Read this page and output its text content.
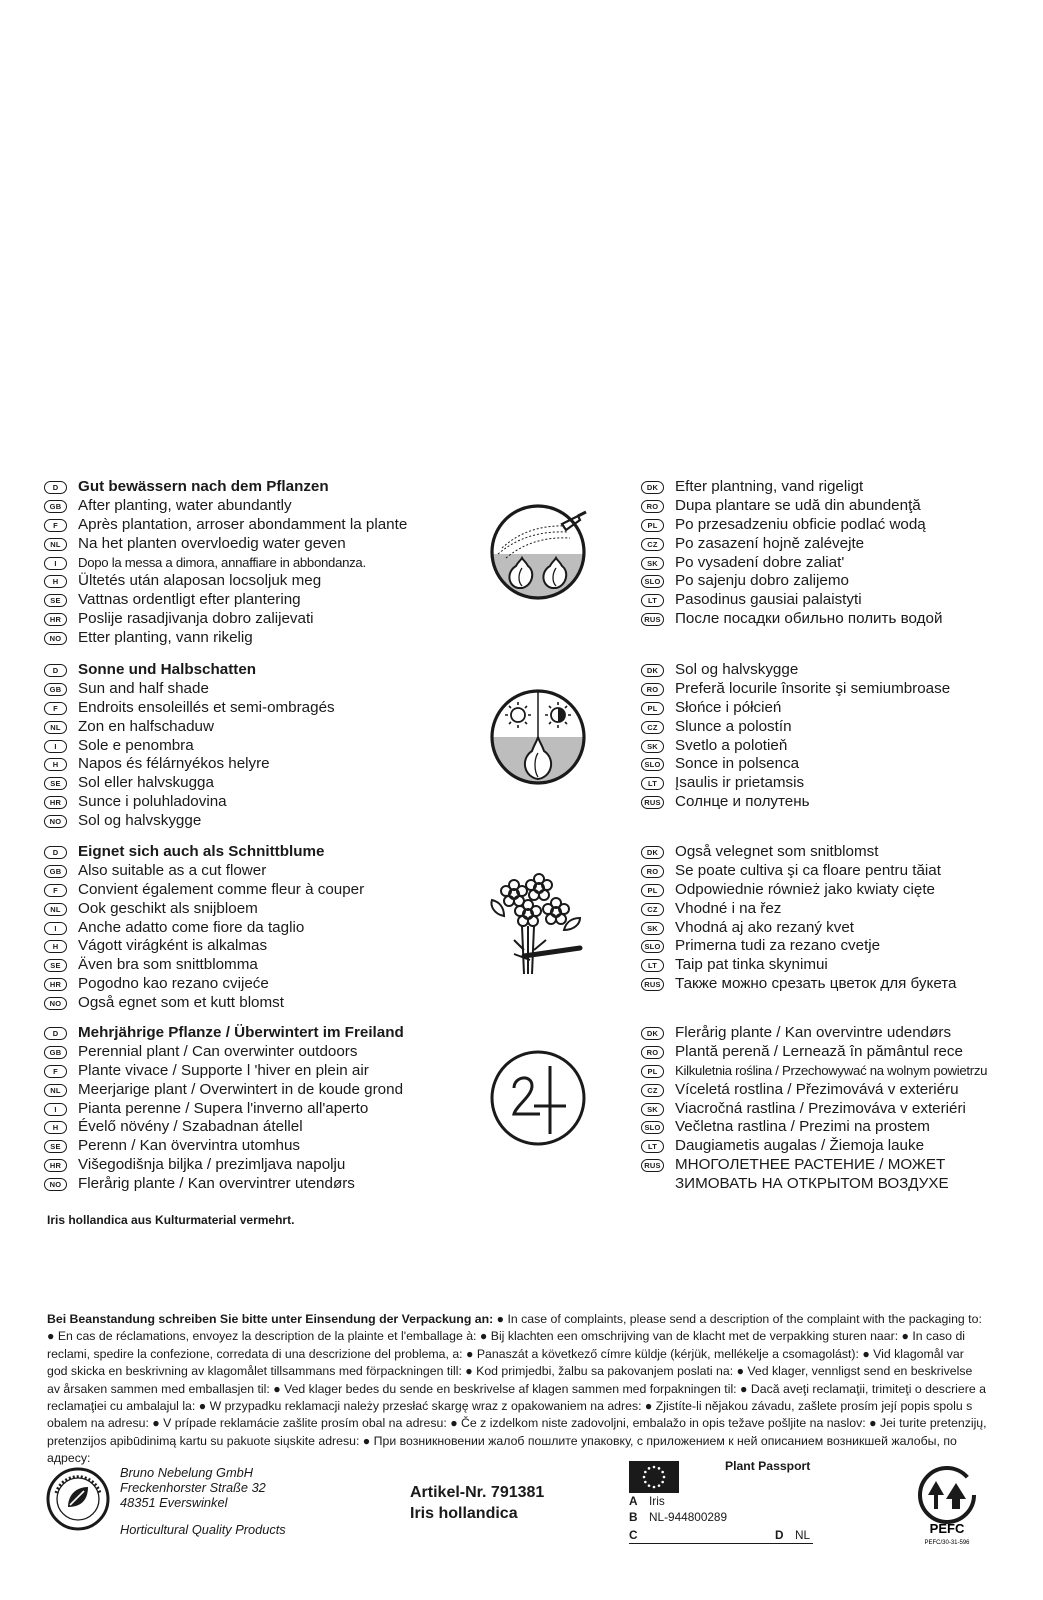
D	Gut bewässern nach dem Pflanzen
GB	After planting, water abundantly
F	Après plantation, arroser abondamment la plante
NL	Na het planten overvloedig water geven
I	Dopo la messa a dimora, annaffiare in abbondanza.
H	Ültetés után alaposan locsoljuk meg
SE	Vattnas ordentligt efter plantering
HR	Poslije rasadjivanja dobro zalijevati
NO	Etter planting, vann rikelig
DK	Efter plantning, vand rigeligt
RO	Dupa plantare se udă din abundenţă
PL	Po przesadzeniu obficie podlać wodą
CZ	Po zasazení hojně zalévejte
SK	Po vysadení dobre zaliat'
SLO Po sajenju dobro zalijemo
LT	Pasodinus gausiai palaistyti
RUS После посадки обильно полить водой
D	Sonne und Halbschatten
GB	Sun and half shade
F	Endroits ensoleillés et semi-ombragés
NL	Zon en halfschaduw
I	Sole e penombra
H	Napos és félárnyékos helyre
SE	Sol eller halvskugga
HR	Sunce i poluhladovina
NO	Sol og halvskygge
DK	Sol og halvskygge
RO	Preferă locurile însorite şi semiumbroase
PL	Słońce i półcień
CZ	Slunce a polostín
SK	Svetlo a polotieň
SLO Sonce in polsenca
LT	Įsaulis ir prietamsis
RUS Солнце и полутень
D	Eignet sich auch als Schnittblume
GB	Also suitable as a cut flower
F	Convient également comme fleur à couper
NL	Ook geschikt als snijbloem
I	Anche adatto come fiore da taglio
H	Vágott virágként is alkalmas
SE	Även bra som snittblomma
HR	Pogodno kao rezano cvijeće
NO	Også egnet som et kutt blomst
DK	Også velegnet som snitblomst
RO	Se poate cultiva şi ca floare pentru tăiat
PL	Odpowiednie również jako kwiaty cięte
CZ	Vhodné i na řez
SK	Vhodná aj ako rezaný kvet
SLO Primerna tudi za rezano cvetje
LT	Taip pat tinka skynimui
RUS Также можно срезать цветок для букета
D	Mehrjährige Pflanze / Überwintert im Freiland
GB	Perennial plant / Can overwinter outdoors
F	Plante vivace / Supporte l 'hiver en plein air
NL	Meerjarige plant / Overwintert in de koude grond
I	Pianta perenne / Supera l'inverno all'aperto
H	Évelő növény / Szabadnan átellel
SE	Perenn / Kan övervintra utomhus
HR	Višegodišnja biljka / prezimljava napolju
NO	Flerårig plante / Kan overvintrer utendørs
DK	Flerårig plante / Kan overvintre udendørs
RO	Plantă perenă / Lernează în pământul rece
PL	Kilkuletnia roślina / Przechowywać na wolnym powietrzu
CZ	Víceletá rostlina / Přezimovává v exteriéru
SK	Viacročná rastlina / Prezimováva v exteriéri
SLO Večletna rastlina / Prezimi na prostem
LT	Daugiametis augalas / Žiemoja lauke
RUS МНОГОЛЕТНЕЕ РАСТЕНИЕ / МОЖЕТ
ЗИМОВАТЬ НА ОТКРЫТОМ ВОЗДУХЕ
Iris hollandica aus Kulturmaterial vermehrt.
Bei Beanstandung schreiben Sie bitte unter Einsendung der Verpackung an: ● In case of complaints, please send a description of the complaint with the packaging to: ● En cas de réclamations, envoyez la description de la plainte et l'emballage à: ● Bij klachten een omschrijving van de klacht met de verpakking sturen naar: ● In caso di reclami, spedire la confezione, corredata di una descrizione del problema, a: ● Panaszát a következő címre küldje (kérjük, mellékelje a csomagolást): ● Vid klagomål var god skicka en beskrivning av klagomålet tillsammans med förpackningen till: ● Kod primjedbi, žalbu sa pakovanjem poslati na: ● Ved klager, vennligst send en beskrivelse av årsaken sammen med emballasjen til: ● Ved klager bedes du sende en beskrivelse af klagen sammen med forpakningen til: ● Dacă aveţi reclamaţii, trimiteţi o descriere a reclamaţiei cu ambalajul la: ● W przypadku reklamacji należy przesłać skargę wraz z opakowaniem na adres: ● Zjistíte-li nějakou závadu, zašlete prosím její popis spolu s obalem na adresu: ● V prípade reklamácie zašlite prosím obal na adresu: ● Če z izdelkom niste zadovoljni, embalažo in opis težave pošljite na naslov: ● Jei turite pretenzijų, pretenzijos apibūdinimą kartu su pakuote siųskite adresu: ● При возникновении жалоб пошлите упаковку, с приложением к ней описанием возникшей жалобы, по адресу:
Bruno Nebelung GmbH
Freckenhorster Straße 32
48351 Everswinkel
Horticultural Quality Products
Artikel-Nr. 791381
Iris hollandica
Plant Passport
A Iris
B NL-944800289
C	D NL	PEFC
PEFC/30-31-596
